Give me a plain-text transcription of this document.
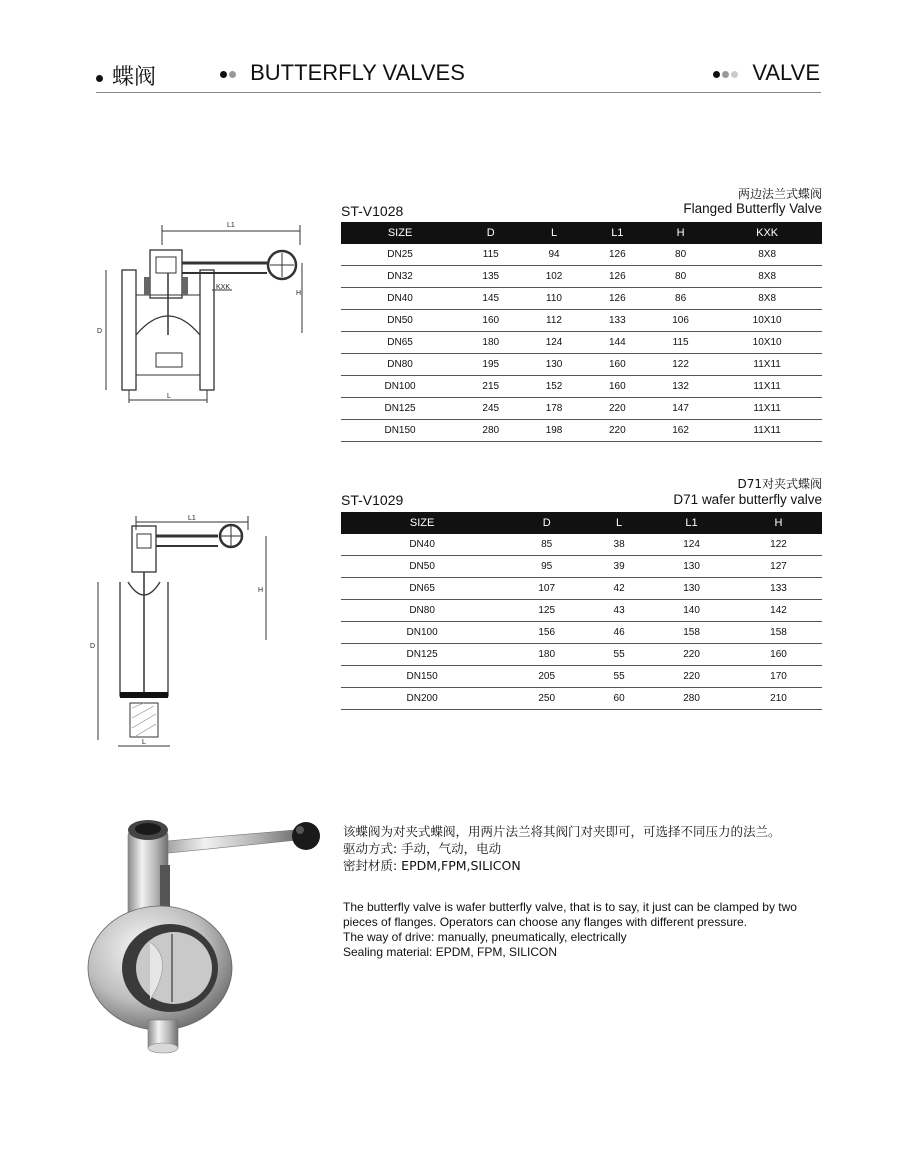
蝶阀	BUTTERFLY VALVES	VALVE
ST-V1028
两边法兰式蝶阀
Flanged Butterfly Valve
L1
KXK
H
D
L
SIZE	D	L	L1	H	KXK
DN25	115	94	126	80	8X8
DN32	135	102	126	80	8X8
DN40	145	110	126	86	8X8
DN50	160	112	133	106	10X10
DN65	180	124	144	115	10X10
DN80	195	130	160	122	11X11
DN100	215	152	160	132	11X11
DN125	245	178	220	147	11X11
DN150	280	198	220	162	11X11
ST-V1029
D71对夹式蝶阀
D71 wafer butterfly valve
L1
H
D
L
SIZE	D	L	L1	H
DN40	85	38	124	122
DN50	95	39	130	127
DN65	107	42	130	133
DN80	125	43	140	142
DN100	156	46	158	158
DN125	180	55	220	160
DN150	205	55	220	170
DN200	250	60	280	210
该蝶阀为对夹式蝶阀，用两片法兰将其阀门对夹即可，可选择不同压力的法兰。
驱动方式: 手动，气动，电动
密封材质: EPDM,FPM,SILICON
The butterfly valve is wafer butterfly valve, that is to say, it just can be clamped by two pieces of flanges. Operators can choose any flanges with different pressure.
The way of drive: manually, pneumatically, electrically
Sealing material: EPDM, FPM, SILICON
